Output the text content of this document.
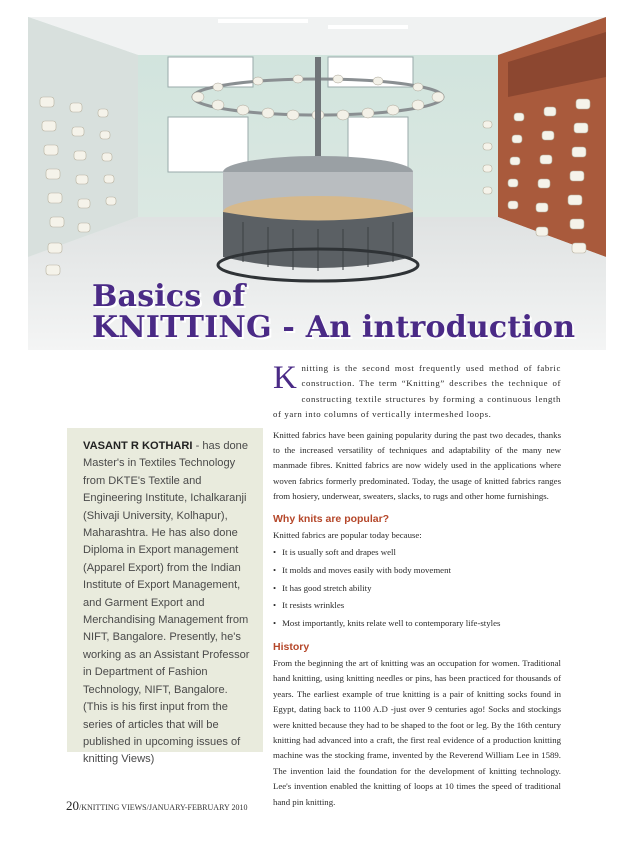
Basics of
KNITTING - An introduction

VASANT R KOTHARI - has done Master's in Textiles Technology from DKTE's Textile and Engineering Institute, Ichalkaranji (Shivaji University, Kolhapur), Maharashtra. He has also done Diploma in Export management (Apparel Export) from the Indian Institute of Export Management, and Garment Export and Merchandising Management from NIFT, Bangalore. Presently, he's working as an Assistant Professor in Department of Fashion Technology, NIFT, Bangalore. (This is his first input from the series of articles that will be published in upcoming issues of knitting Views)

Knitting is the second most frequently used method of fabric construction. The term “Knitting” describes the technique of constructing textile structures by forming a continuous length of yarn into columns of vertically intermeshed loops.

Knitted fabrics have been gaining popularity during the past two decades, thanks to the increased versatility of techniques and adaptability of the many new manmade fibres. Knitted fabrics are now widely used in the applications where woven fabrics formerly predominated. Today, the usage of knitted fabrics ranges from hosiery, underwear, sweaters, slacks, to rugs and other home furnishings.

Why knits are popular?

Knitted fabrics are popular today because:

• It is usually soft and drapes well
• It molds and moves easily with body movement
• It has good stretch ability
• It resists wrinkles
• Most importantly, knits relate well to contemporary life-styles
History

From the beginning the art of knitting was an occupation for women. Traditional hand knitting, using knitting needles or pins, has been practiced for thousands of years. The earliest example of true knitting is a pair of knitting socks found in Egypt, dating back to 1100 A.D -just over 9 centuries ago! Socks and stockings were knitted because they had to be shaped to the foot or leg. By the 16th century knitting had advanced into a craft, the first real evidence of a production knitting machine was the stocking frame, invented by the Reverend William Lee in 1589. The invention laid the foundation for the development of knitting technology. Lee's invention enabled the knitting of loops at 10 times the speed of traditional hand pin knitting.

20/KNITTING VIEWS/JANUARY-FEBRUARY 2010
